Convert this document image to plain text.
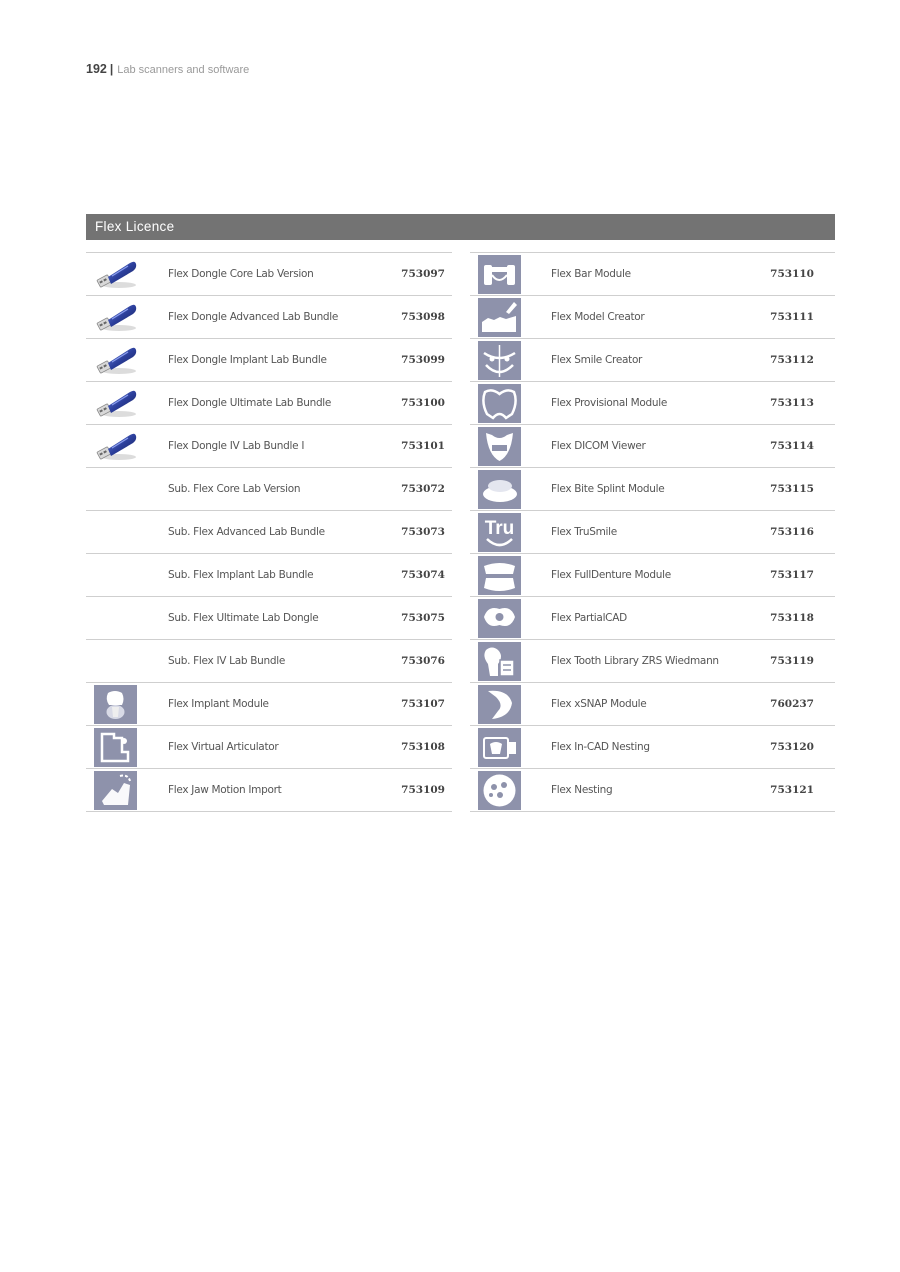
192 | Lab scanners and software
Flex Licence
Flex Dongle Core Lab Version	753097
Flex Dongle Advanced Lab Bundle	753098
Flex Dongle Implant Lab Bundle	753099
Flex Dongle Ultimate Lab Bundle	753100
Flex Dongle IV Lab Bundle I	753101
Sub. Flex Core Lab Version	753072
Sub. Flex Advanced Lab Bundle	753073
Sub. Flex Implant Lab Bundle	753074
Sub. Flex Ultimate Lab Dongle	753075
Sub. Flex IV Lab Bundle	753076
Flex Implant Module	753107
Flex Virtual Articulator	753108
Flex Jaw Motion Import	753109
Flex Bar Module	753110
Flex Model Creator	753111
Flex Smile Creator	753112
Flex Provisional Module	753113
Flex DICOM Viewer	753114
Flex Bite Splint Module	753115
Tru	Flex TruSmile	753116
Flex FullDenture Module	753117
Flex PartialCAD	753118
Flex Tooth Library ZRS Wiedmann	753119
Flex xSNAP Module	760237
Flex In-CAD Nesting	753120
Flex Nesting	753121
